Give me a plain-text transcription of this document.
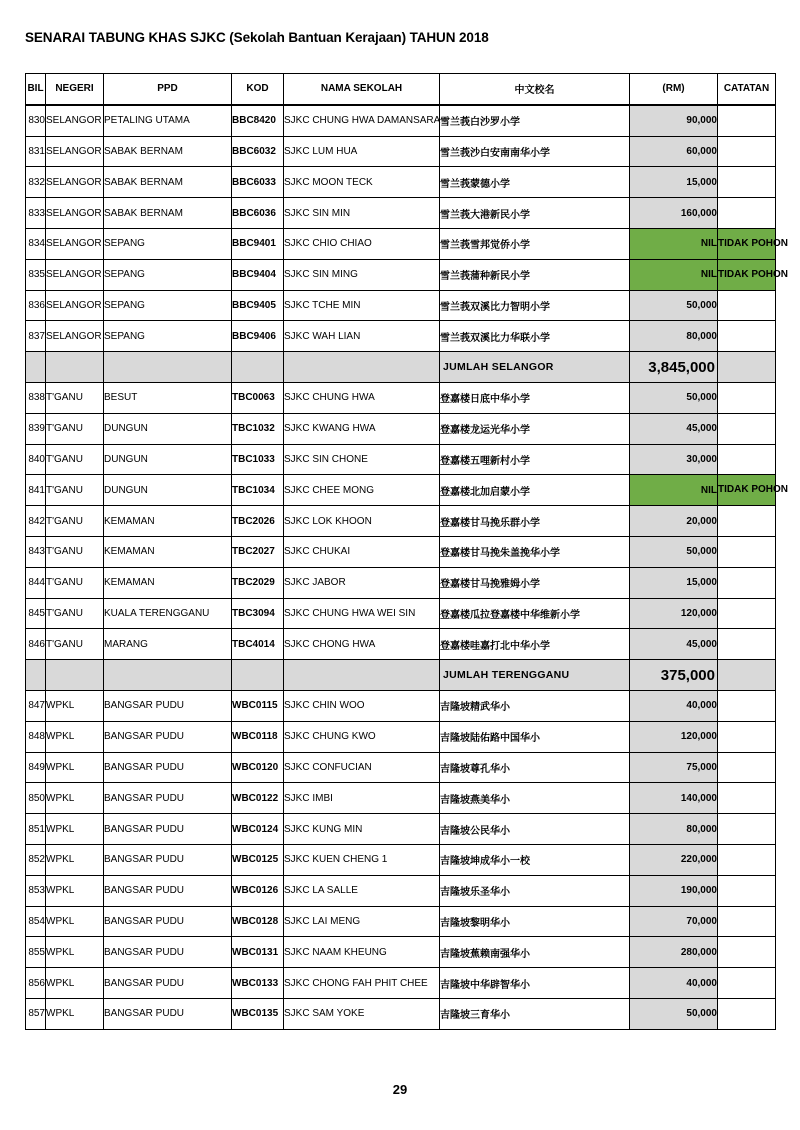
SENARAI TABUNG KHAS SJKC (Sekolah Bantuan Kerajaan) TAHUN 2018
BIL	NEGERI	PPD	KOD	NAMA SEKOLAH	中文校名	(RM)	CATATAN
830	SELANGOR	PETALING UTAMA	BBC8420	SJKC CHUNG HWA DAMANSARA	雪兰莪白沙罗小学	90,000	
831	SELANGOR	SABAK BERNAM	BBC6032	SJKC LUM HUA	雪兰莪沙白安南南华小学	60,000	
832	SELANGOR	SABAK BERNAM	BBC6033	SJKC MOON TECK	雪兰莪蒙德小学	15,000	
833	SELANGOR	SABAK BERNAM	BBC6036	SJKC SIN MIN	雪兰莪大港新民小学	160,000	
834	SELANGOR	SEPANG	BBC9401	SJKC CHIO CHIAO	雪兰莪雪邦觉侨小学	NIL	TIDAK POHON
835	SELANGOR	SEPANG	BBC9404	SJKC SIN MING	雪兰莪蒲种新民小学	NIL	TIDAK POHON
836	SELANGOR	SEPANG	BBC9405	SJKC TCHE MIN	雪兰莪双溪比力智明小学	50,000	
837	SELANGOR	SEPANG	BBC9406	SJKC WAH LIAN	雪兰莪双溪比力华联小学	80,000	
					JUMLAH SELANGOR	3,845,000	
838	T'GANU	BESUT	TBC0063	SJKC CHUNG HWA	登嘉楼日底中华小学	50,000	
839	T'GANU	DUNGUN	TBC1032	SJKC KWANG HWA	登嘉楼龙运光华小学	45,000	
840	T'GANU	DUNGUN	TBC1033	SJKC SIN CHONE	登嘉楼五哩新村小学	30,000	
841	T'GANU	DUNGUN	TBC1034	SJKC CHEE MONG	登嘉楼北加启蒙小学	NIL	TIDAK POHON
842	T'GANU	KEMAMAN	TBC2026	SJKC LOK KHOON	登嘉楼甘马挽乐群小学	20,000	
843	T'GANU	KEMAMAN	TBC2027	SJKC CHUKAI	登嘉楼甘马挽朱盖挽华小学	50,000	
844	T'GANU	KEMAMAN	TBC2029	SJKC JABOR	登嘉楼甘马挽雅姆小学	15,000	
845	T'GANU	KUALA TERENGGANU	TBC3094	SJKC CHUNG HWA WEI SIN	登嘉楼瓜拉登嘉楼中华维新小学	120,000	
846	T'GANU	MARANG	TBC4014	SJKC CHONG HWA	登嘉楼哇嘉打北中华小学	45,000	
					JUMLAH TERENGGANU	375,000	
847	WPKL	BANGSAR PUDU	WBC0115	SJKC CHIN WOO	吉隆坡精武华小	40,000	
848	WPKL	BANGSAR PUDU	WBC0118	SJKC CHUNG KWO	吉隆坡陆佑路中国华小	120,000	
849	WPKL	BANGSAR PUDU	WBC0120	SJKC CONFUCIAN	吉隆坡尊孔华小	75,000	
850	WPKL	BANGSAR PUDU	WBC0122	SJKC IMBI	吉隆坡燕美华小	140,000	
851	WPKL	BANGSAR PUDU	WBC0124	SJKC KUNG MIN	吉隆坡公民华小	80,000	
852	WPKL	BANGSAR PUDU	WBC0125	SJKC KUEN CHENG 1	吉隆坡坤成华小一校	220,000	
853	WPKL	BANGSAR PUDU	WBC0126	SJKC LA SALLE	吉隆坡乐圣华小	190,000	
854	WPKL	BANGSAR PUDU	WBC0128	SJKC LAI MENG	吉隆坡黎明华小	70,000	
855	WPKL	BANGSAR PUDU	WBC0131	SJKC NAAM KHEUNG	吉隆坡蕉赖南强华小	280,000	
856	WPKL	BANGSAR PUDU	WBC0133	SJKC CHONG FAH PHIT CHEE	吉隆坡中华辟智华小	40,000	
857	WPKL	BANGSAR PUDU	WBC0135	SJKC SAM YOKE	吉隆坡三育华小	50,000	
29
